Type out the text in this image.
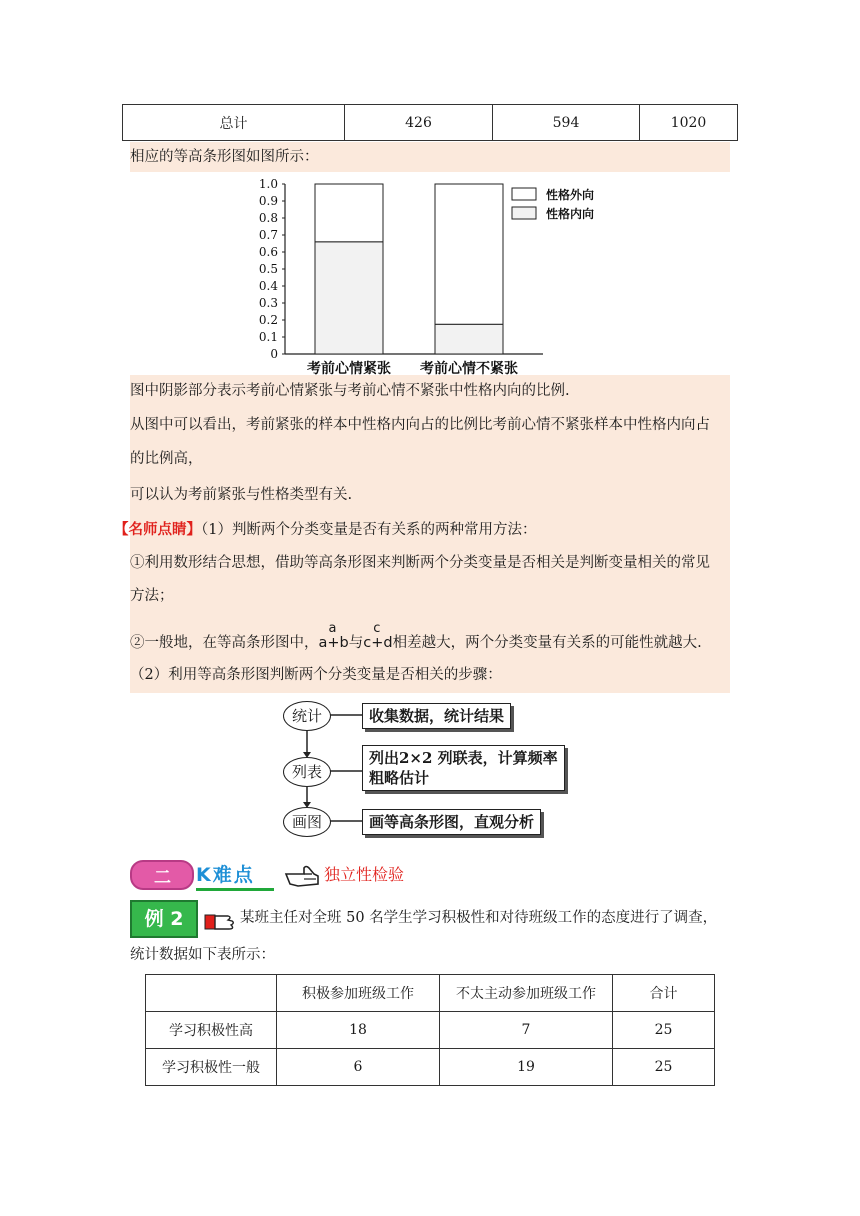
总计	426	594	1020
相应的等高条形图如图所示：
1.0
0.9
0.8
0.7
0.6
0.5
0.4
0.3
0.2
0.1
0
考前心情紧张 考前心情不紧张
性格外向
性格内向
图中阴影部分表示考前心情紧张与考前心情不紧张中性格内向的比例.
从图中可以看出，考前紧张的样本中性格内向占的比例比考前心情不紧张样本中性格内向占
的比例高，
可以认为考前紧张与性格类型有关.
【名师点睛】（1）判断两个分类变量是否有关系的两种常用方法：
①利用数形结合思想，借助等高条形图来判断两个分类变量是否相关是判断变量相关的常见
方法；
②一般地，在等高条形图中，
a
a+b与
c
c+d相差越大，两个分类变量有关系的可能性就越大.
（2）利用等高条形图判断两个分类变量是否相关的步骤：
统计
列表
画图
收集数据，统计结果
列出2×2 列联表，计算频率
粗略估计
画等高条形图，直观分析
二 K难点	独立性检验
例 2	某班主任对全班 50 名学生学习积极性和对待班级工作的态度进行了调查，
统计数据如下表所示：
	积极参加班级工作	不太主动参加班级工作	合计
学习积极性高	18	7	25
学习积极性一般	6	19	25
